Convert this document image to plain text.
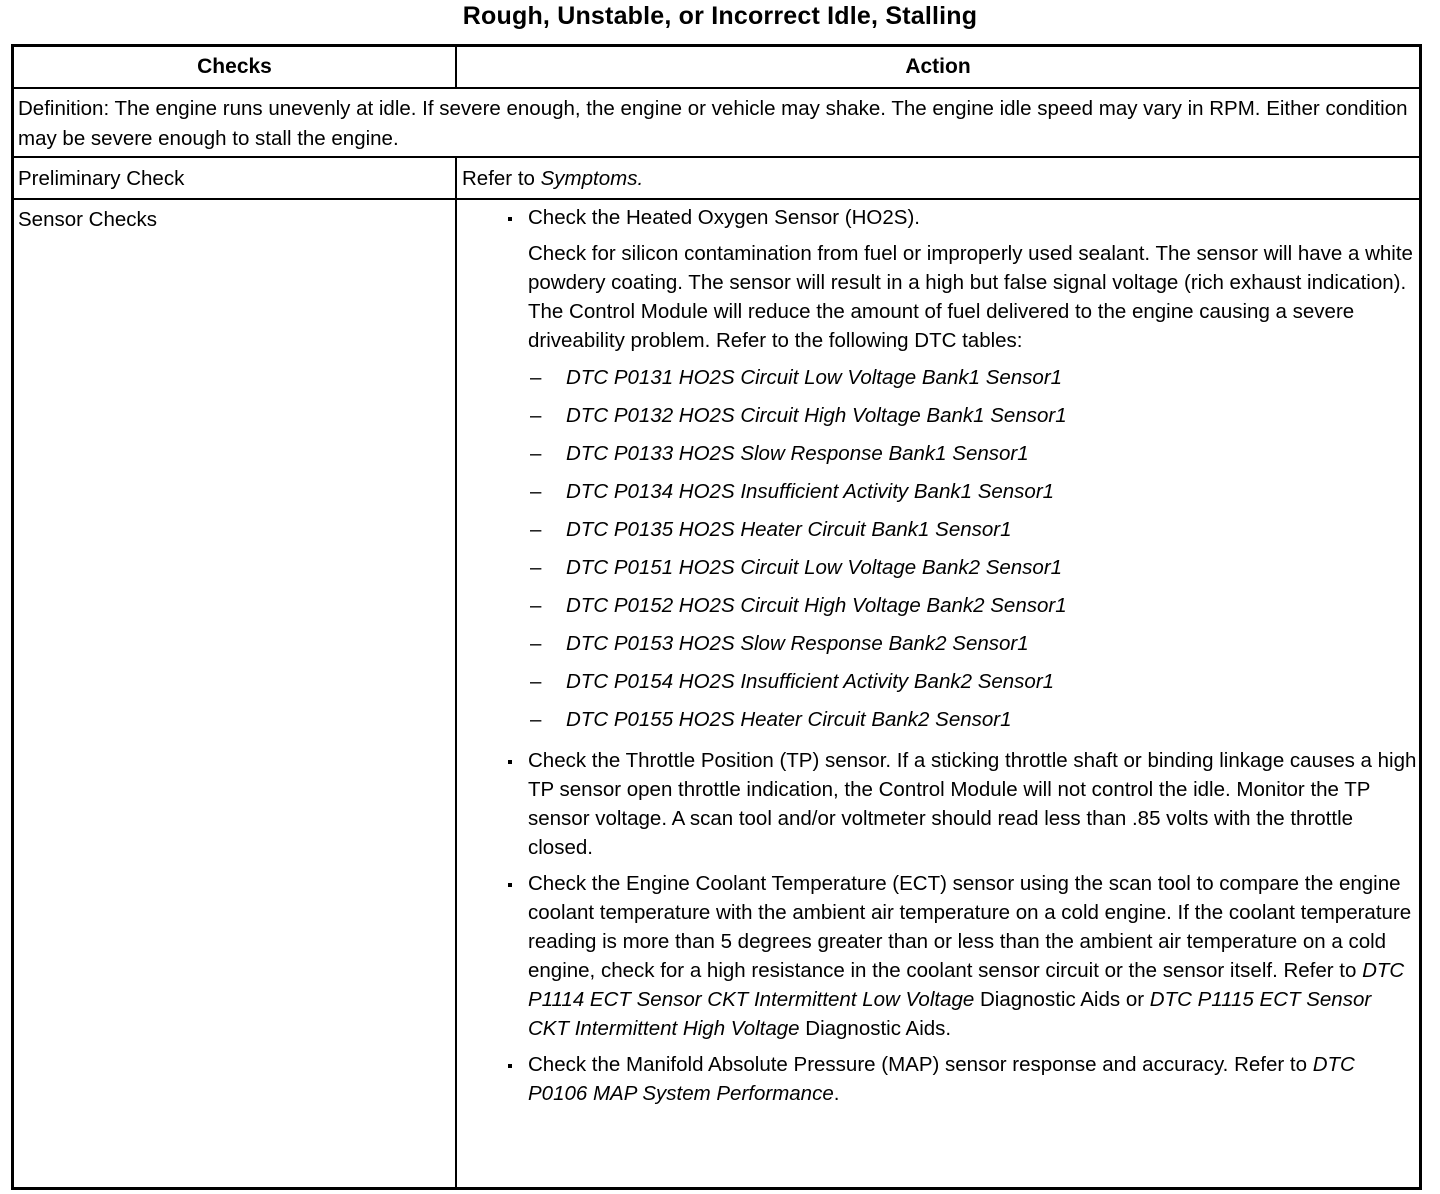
Rough, Unstable, or Incorrect Idle, Stalling
Checks	Action
Definition: The engine runs unevenly at idle. If severe enough, the engine or vehicle may shake. The engine idle speed may vary in RPM. Either condition may be severe enough to stall the engine.
Preliminary Check	Refer to Symptoms.
Sensor Checks	Check the Heated Oxygen Sensor (HO2S).
Check for silicon contamination from fuel or improperly used sealant. The sensor will have a white powdery coating. The sensor will result in a high but false signal voltage (rich exhaust indication). The Control Module will reduce the amount of fuel delivered to the engine causing a severe driveability problem. Refer to the following DTC tables:
– DTC P0131 HO2S Circuit Low Voltage Bank1 Sensor1
– DTC P0132 HO2S Circuit High Voltage Bank1 Sensor1
– DTC P0133 HO2S Slow Response Bank1 Sensor1
– DTC P0134 HO2S Insufficient Activity Bank1 Sensor1
– DTC P0135 HO2S Heater Circuit Bank1 Sensor1
– DTC P0151 HO2S Circuit Low Voltage Bank2 Sensor1
– DTC P0152 HO2S Circuit High Voltage Bank2 Sensor1
– DTC P0153 HO2S Slow Response Bank2 Sensor1
– DTC P0154 HO2S Insufficient Activity Bank2 Sensor1
– DTC P0155 HO2S Heater Circuit Bank2 Sensor1
Check the Throttle Position (TP) sensor. If a sticking throttle shaft or binding linkage causes a high TP sensor open throttle indication, the Control Module will not control the idle. Monitor the TP sensor voltage. A scan tool and/or voltmeter should read less than .85 volts with the throttle closed.
Check the Engine Coolant Temperature (ECT) sensor using the scan tool to compare the engine coolant temperature with the ambient air temperature on a cold engine. If the coolant temperature reading is more than 5 degrees greater than or less than the ambient air temperature on a cold engine, check for a high resistance in the coolant sensor circuit or the sensor itself. Refer to DTC P1114 ECT Sensor CKT Intermittent Low Voltage Diagnostic Aids or DTC P1115 ECT Sensor CKT Intermittent High Voltage Diagnostic Aids.
Check the Manifold Absolute Pressure (MAP) sensor response and accuracy. Refer to DTC P0106 MAP System Performance.
